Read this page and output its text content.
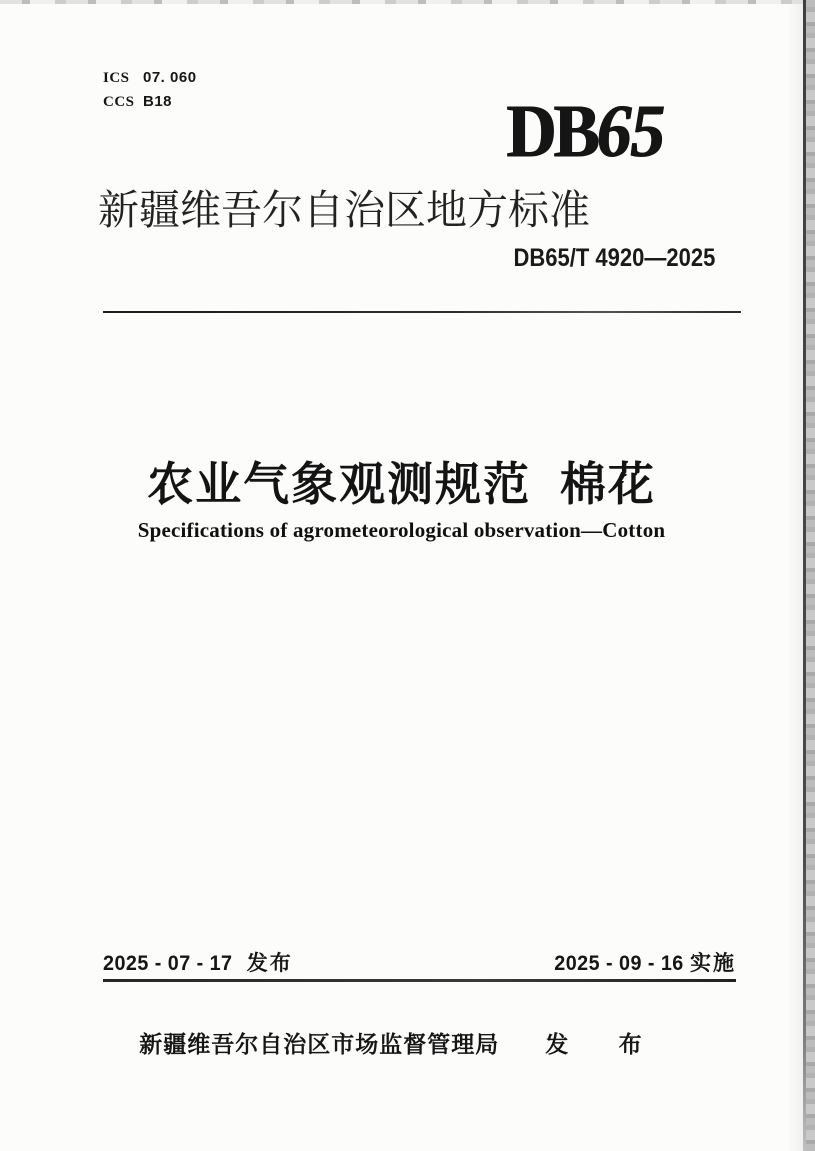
ICS 07. 060
CCS B18	DB65
新疆维吾尔自治区地方标准
DB65/T 4920—2025
农业气象观测规范 棉花
Specifications of agrometeorological observation—Cotton
2025 - 07 - 17 发布	2025 - 09 - 16 实施
新疆维吾尔自治区市场监督管理局 发 布
